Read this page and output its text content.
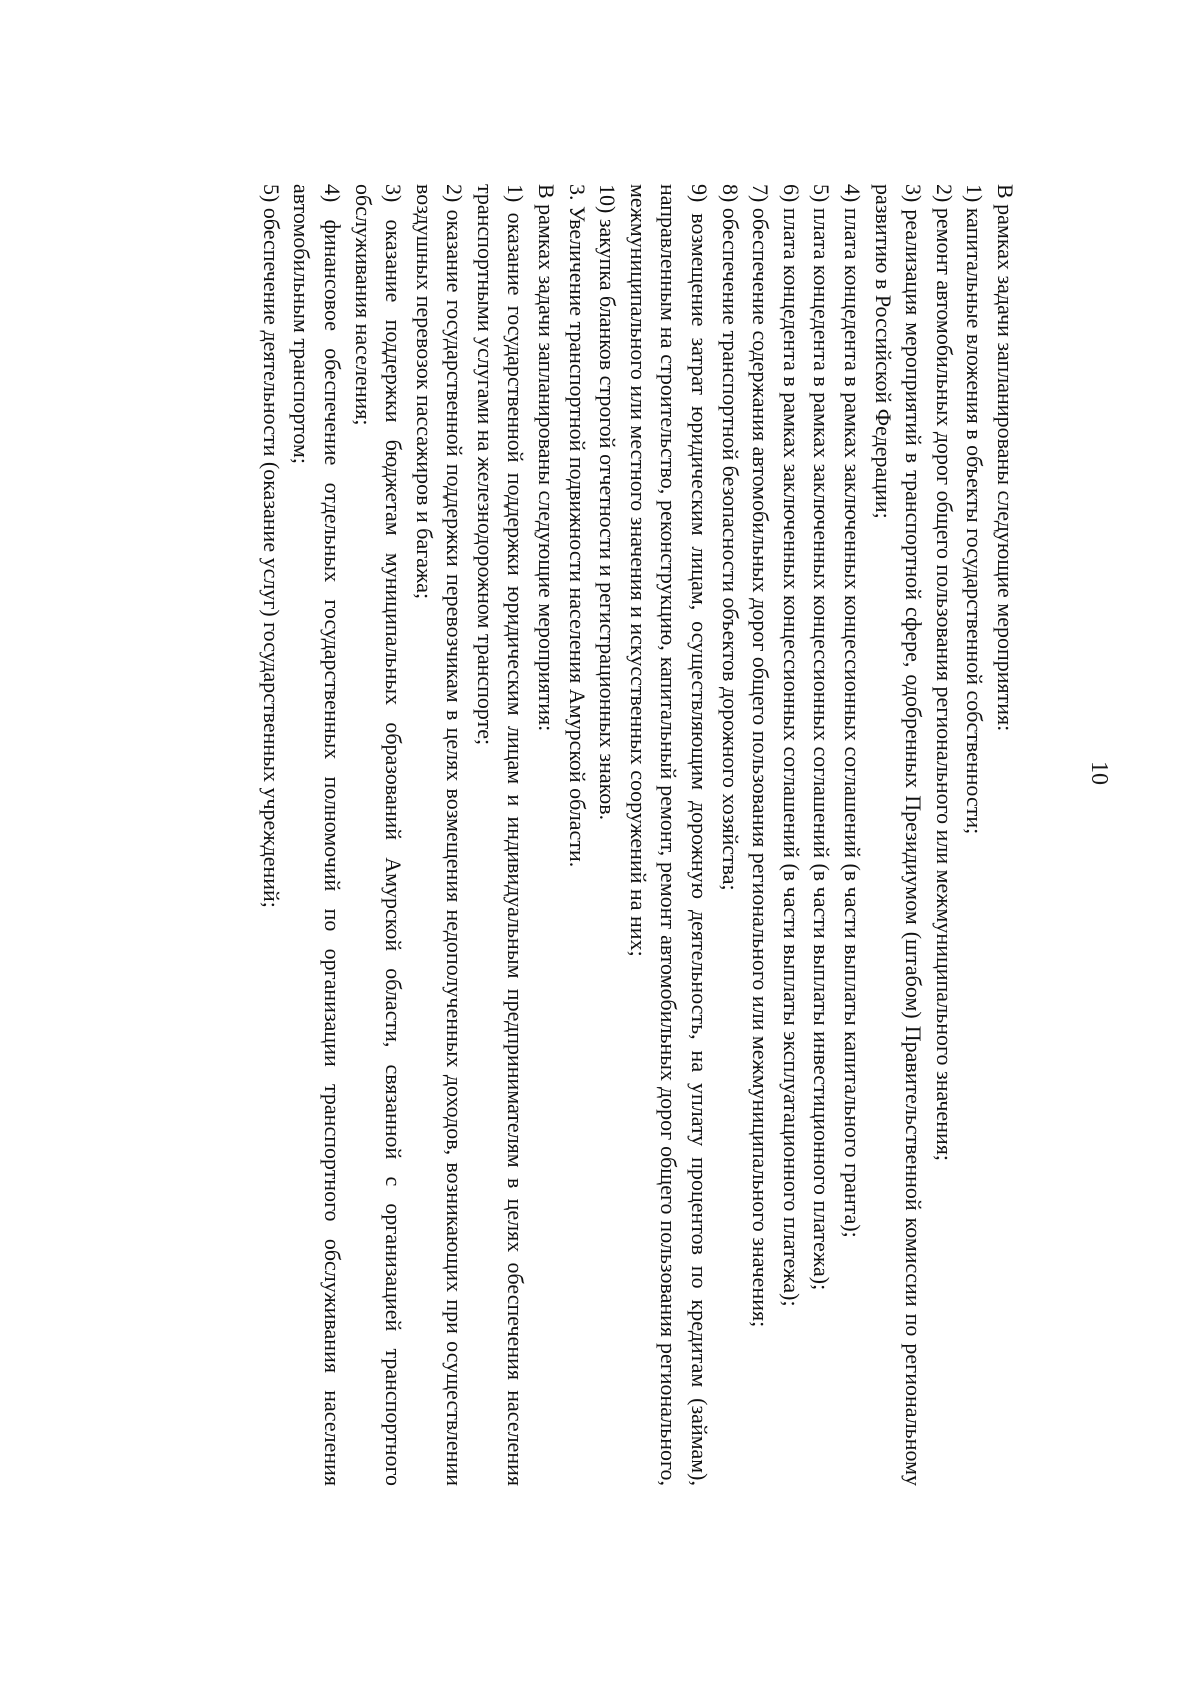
10

В рамках задачи запланированы следующие мероприятия:

1) капитальные вложения в объекты государственной собственности;

2) ремонт автомобильных дорог общего пользования регионального или межмуниципального значения;

3) реализация мероприятий в транспортной сфере, одобренных Президиумом (штабом) Правительственной комиссии по региональному развитию в Российской Федерации;

4) плата концедента в рамках заключенных концессионных соглашений (в части выплаты капитального гранта);

5) плата концедента в рамках заключенных концессионных соглашений (в части выплаты инвестиционного платежа);

6) плата концедента в рамках заключенных концессионных соглашений (в части выплаты эксплуатационного платежа);

7) обеспечение содержания автомобильных дорог общего пользования регионального или межмуниципального значения;

8) обеспечение транспортной безопасности объектов дорожного хозяйства;

9) возмещение затрат юридическим лицам, осуществляющим дорожную деятельность, на уплату процентов по кредитам (займам), направленным на строительство, реконструкцию, капитальный ремонт, ремонт автомобильных дорог общего пользования регионального, межмуниципального или местного значения и искусственных сооружений на них;

10) закупка бланков строгой отчетности и регистрационных знаков.

3. Увеличение транспортной подвижности населения Амурской области.

В рамках задачи запланированы следующие мероприятия:

1) оказание государственной поддержки юридическим лицам и индивидуальным предпринимателям в целях обеспечения населения транспортными услугами на железнодорожном транспорте;

2) оказание государственной поддержки перевозчикам в целях возмещения недополученных доходов, возникающих при осуществлении воздушных перевозок пассажиров и багажа;

3) оказание поддержки бюджетам муниципальных образований Амурской области, связанной с организацией транспортного обслуживания населения;

4) финансовое обеспечение отдельных государственных полномочий по организации транспортного обслуживания населения автомобильным транспортом;

5) обеспечение деятельности (оказание услуг) государственных учреждений;
